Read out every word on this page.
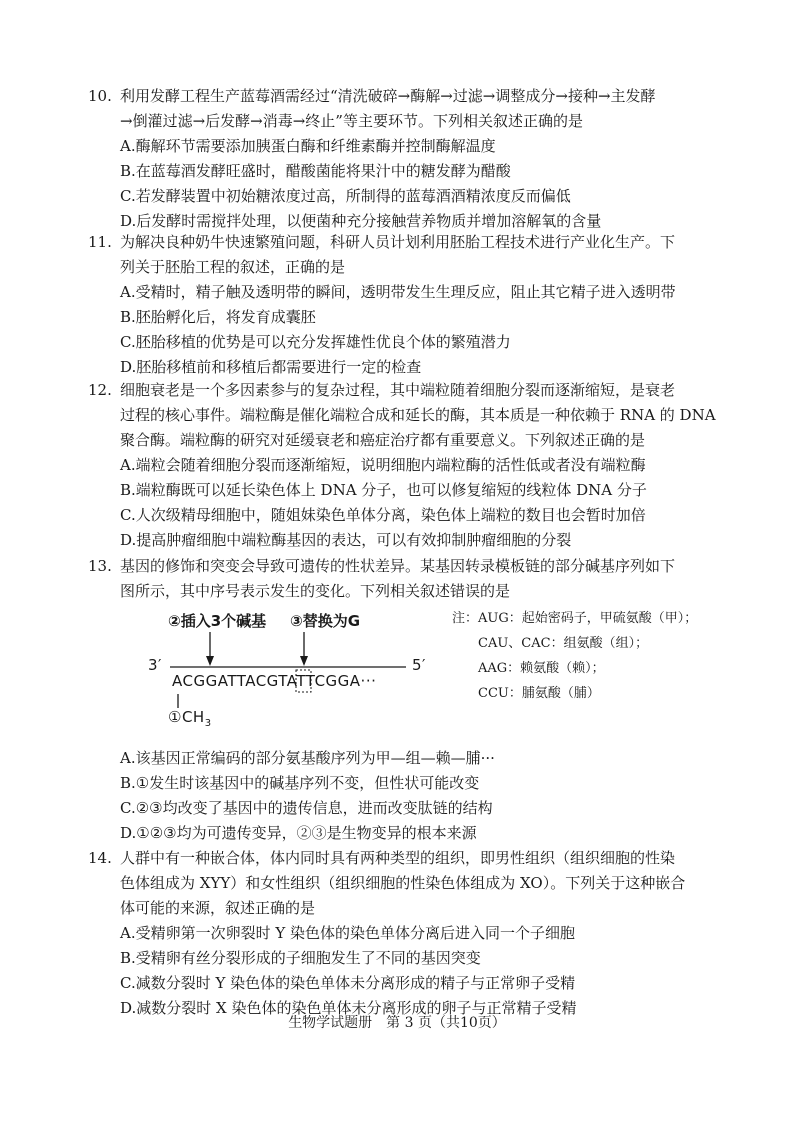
10. 利用发酵工程生产蓝莓酒需经过“清洗破碎→酶解→过滤→调整成分→接种→主发酵
→倒灌过滤→后发酵→消毒→终止”等主要环节。下列相关叙述正确的是
A.酶解环节需要添加胰蛋白酶和纤维素酶并控制酶解温度
B.在蓝莓酒发酵旺盛时，醋酸菌能将果汁中的糖发酵为醋酸
C.若发酵装置中初始糖浓度过高，所制得的蓝莓酒酒精浓度反而偏低
D.后发酵时需搅拌处理，以便菌种充分接触营养物质并增加溶解氧的含量
11. 为解决良种奶牛快速繁殖问题，科研人员计划利用胚胎工程技术进行产业化生产。下
列关于胚胎工程的叙述，正确的是
A.受精时，精子触及透明带的瞬间，透明带发生生理反应，阻止其它精子进入透明带
B.胚胎孵化后，将发育成囊胚
C.胚胎移植的优势是可以充分发挥雄性优良个体的繁殖潜力
D.胚胎移植前和移植后都需要进行一定的检查
12. 细胞衰老是一个多因素参与的复杂过程，其中端粒随着细胞分裂而逐渐缩短，是衰老
过程的核心事件。端粒酶是催化端粒合成和延长的酶，其本质是一种依赖于 RNA 的 DNA
聚合酶。端粒酶的研究对延缓衰老和癌症治疗都有重要意义。下列叙述正确的是
A.端粒会随着细胞分裂而逐渐缩短，说明细胞内端粒酶的活性低或者没有端粒酶
B.端粒酶既可以延长染色体上 DNA 分子，也可以修复缩短的线粒体 DNA 分子
C.人次级精母细胞中，随姐妹染色单体分离，染色体上端粒的数目也会暂时加倍
D.提高肿瘤细胞中端粒酶基因的表达，可以有效抑制肿瘤细胞的分裂
13. 基因的修饰和突变会导致可遗传的性状差异。某基因转录模板链的部分碱基序列如下
图所示，其中序号表示发生的变化。下列相关叙述错误的是
②插入3个碱基 ③替换为G
3′	5′
ACGGATTACGTATTCGGA···
$①CH_3$
注：AUG：起始密码子，甲硫氨酸（甲）；
CAU、CAC：组氨酸（组）；
AAG：赖氨酸（赖）；
CCU：脯氨酸（脯）
A.该基因正常编码的部分氨基酸序列为甲—组—赖—脯···
B.①发生时该基因中的碱基序列不变，但性状可能改变
C.②③均改变了基因中的遗传信息，进而改变肽链的结构
D.①②③均为可遗传变异，②③是生物变异的根本来源
14. 人群中有一种嵌合体，体内同时具有两种类型的组织，即男性组织（组织细胞的性染
色体组成为 XYY）和女性组织（组织细胞的性染色体组成为 XO）。下列关于这种嵌合
体可能的来源，叙述正确的是
A.受精卵第一次卵裂时 Y 染色体的染色单体分离后进入同一个子细胞
B.受精卵有丝分裂形成的子细胞发生了不同的基因突变
C.减数分裂时 Y 染色体的染色单体未分离形成的精子与正常卵子受精
D.减数分裂时 X 染色体的染色单体未分离形成的卵子与正常精子受精
生物学试题册　第 3 页（共10页）
